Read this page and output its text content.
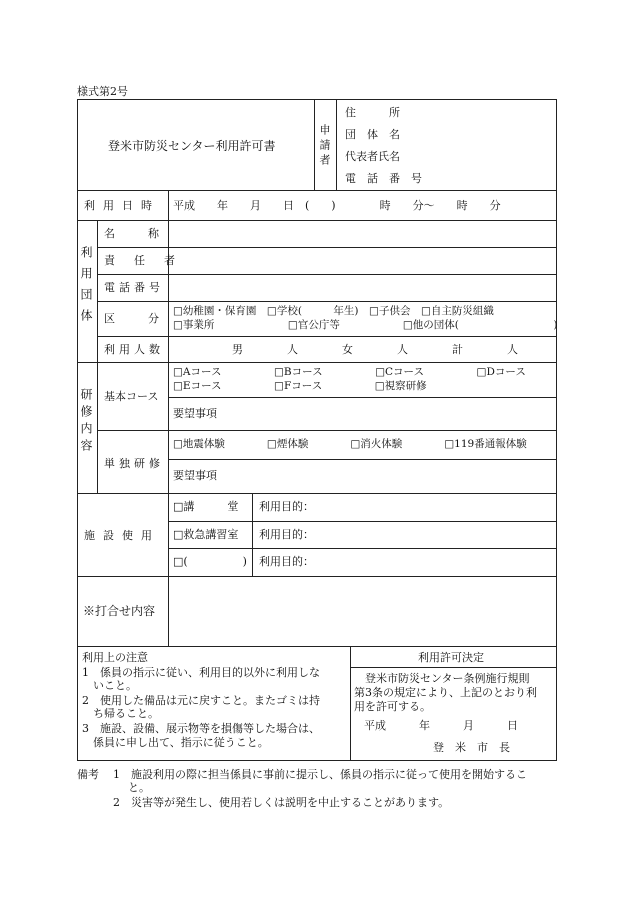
様式第2号
登米市防災センター利用許可書	申請者
住　　　所
団　体　名
代表者氏名
電　話　番　号
利用日時 平成　　年　　月　　日　(　　)　　　　時　　分〜　　時　　分
利用団体
名　　　称
責　任　者
電話番号
区　　　分
利用人数
□幼稚園・保育園　□学校(　　　年生)　□子供会　□自主防災組織
□事業所　　　　　　　□官公庁等　　　　　　□他の団体(　　　　　　　　　)
男　　　　人　　　　女　　　　人　　　　計　　　　人
研修内容 基本コース
□Aコース　　　　　□Bコース　　　　　□Cコース　　　　　□Dコース
□Eコース　　　　　□Fコース　　　　　□視察研修
要望事項
単独研修
□地震体験　　　　□煙体験　　　　□消火体験　　　　□119番通報体験
要望事項
施設使用
□講　　　堂 利用目的：
□救急講習室 利用目的：
□(　　　　　) 利用目的：
※打合せ内容
利用上の注意
1　係員の指示に従い、利用目的以外に利用しな
　いこと。
2　使用した備品は元に戻すこと。またゴミは持
　ち帰ること。
3　施設、設備、展示物等を損傷等した場合は、
　係員に申し出て、指示に従うこと。
利用許可決定
　登米市防災センター条例施行規則
第3条の規定により、上記のとおり利
用を許可する。
平成　　　年　　　月　　　日
登　米　市　長
備考 1　施設利用の際に担当係員に事前に提示し、係員の指示に従って使用を開始するこ
と。
2　災害等が発生し、使用若しくは説明を中止することがあります。
